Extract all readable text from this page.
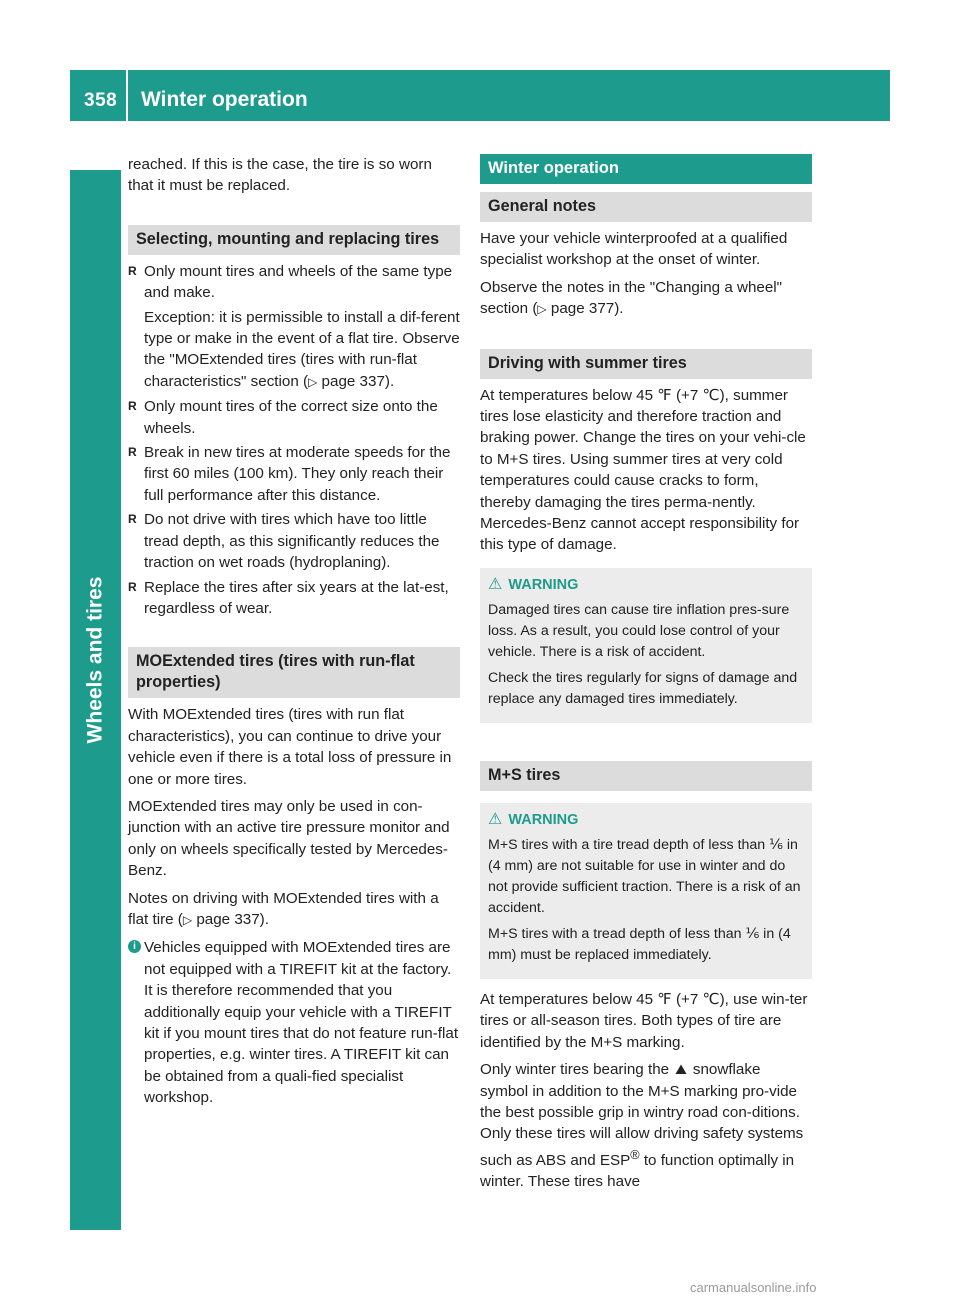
358 Winter operation
Wheels and tires

reached. If this is the case, the tire is so worn that it must be replaced.

Selecting, mounting and replacing tires
R Only mount tires and wheels of the same type and make.

Exception: it is permissible to install a dif-ferent type or make in the event of a flat tire. Observe the "MOExtended tires (tires with run-flat characteristics" section (▷ page 337).

R Only mount tires of the correct size onto the wheels.
R Break in new tires at moderate speeds for the first 60 miles (100 km). They only reach their full performance after this distance.
R Do not drive with tires which have too little tread depth, as this significantly reduces the traction on wet roads (hydroplaning).
R Replace the tires after six years at the lat-est, regardless of wear.
MOExtended tires (tires with run-flat properties)

With MOExtended tires (tires with run flat characteristics), you can continue to drive your vehicle even if there is a total loss of pressure in one or more tires.

MOExtended tires may only be used in con-junction with an active tire pressure monitor and only on wheels specifically tested by Mercedes-Benz.

Notes on driving with MOExtended tires with a flat tire (▷ page 337).

i Vehicles equipped with MOExtended tires are not equipped with a TIREFIT kit at the factory. It is therefore recommended that you additionally equip your vehicle with a TIREFIT kit if you mount tires that do not feature run-flat properties, e.g. winter tires. A TIREFIT kit can be obtained from a quali-fied specialist workshop.

Winter operation
General notes

Have your vehicle winterproofed at a qualified specialist workshop at the onset of winter.

Observe the notes in the "Changing a wheel" section (▷ page 377).

Driving with summer tires

At temperatures below 45 ℉ (+7 ℃), summer tires lose elasticity and therefore traction and braking power. Change the tires on your vehi-cle to M+S tires. Using summer tires at very cold temperatures could cause cracks to form, thereby damaging the tires perma-nently. Mercedes-Benz cannot accept responsibility for this type of damage.

⚠ WARNING

Damaged tires can cause tire inflation pres-sure loss. As a result, you could lose control of your vehicle. There is a risk of accident.

Check the tires regularly for signs of damage and replace any damaged tires immediately.

M+S tires
⚠ WARNING

M+S tires with a tire tread depth of less than ⅙ in (4 mm) are not suitable for use in winter and do not provide sufficient traction. There is a risk of an accident.

M+S tires with a tread depth of less than ⅙ in (4 mm) must be replaced immediately.

At temperatures below 45 ℉ (+7 ℃), use win-ter tires or all-season tires. Both types of tire are identified by the M+S marking.

Only winter tires bearing the ⛰ snowflake symbol in addition to the M+S marking pro-vide the best possible grip in wintry road con-ditions. Only these tires will allow driving safety systems such as ABS and ESP® to function optimally in winter. These tires have

carmanualsonline.info
